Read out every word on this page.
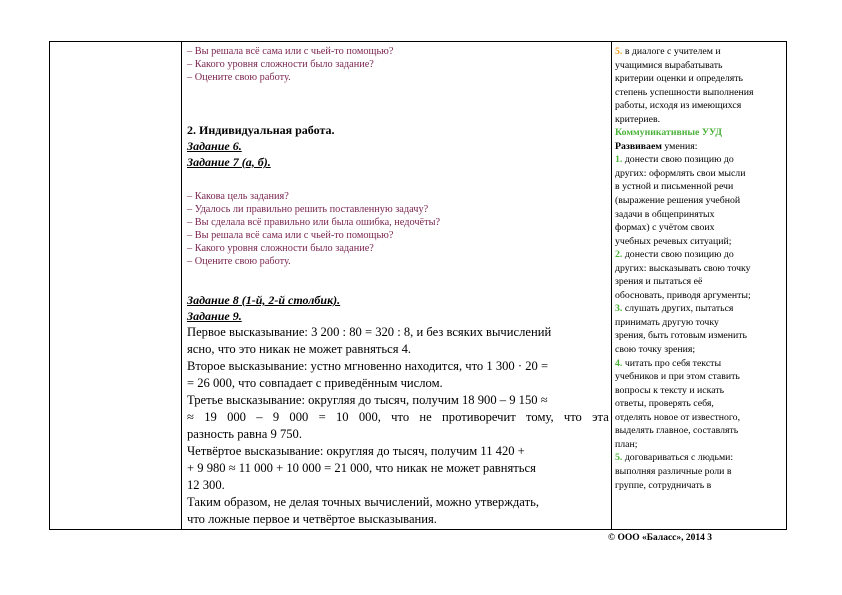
– Вы решала всё сама или с чьей-то помощью?
– Какого уровня сложности было задание?
– Оцените свою работу.
2. Индивидуальная работа.
Задание 6.
Задание 7 (а, б).
– Какова цель задания?
– Удалось ли правильно решить поставленную задачу?
– Вы сделала всё правильно или была ошибка, недочёты?
– Вы решала всё сама или с чьей-то помощью?
– Какого уровня сложности было задание?
– Оцените свою работу.
Задание 8 (1-й, 2-й столбик).
Задание 9.
Первое высказывание: 3 200 : 80 = 320 : 8, и без всяких вычислений
ясно, что это никак не может равняться 4.
Второе высказывание: устно мгновенно находится, что 1 300 · 20 =
= 26 000, что совпадает с приведённым числом.
Третье высказывание: округляя до тысяч, получим 18 900 – 9 150 ≈
≈ 19 000 – 9 000 = 10 000, что не противоречит тому, что эта
разность равна 9 750.
Четвёртое высказывание: округляя до тысяч, получим 11 420 +
+ 9 980 ≈ 11 000 + 10 000 = 21 000, что никак не может равняться
12 300.
Таким образом, не делая точных вычислений, можно утверждать,
что ложные первое и четвёртое высказывания.
5. в диалоге с учителем и
учащимися вырабатывать
критерии оценки и определять
степень успешности выполнения
работы, исходя из имеющихся
критериев.
Коммуникативные УУД
Развиваем умения:
1. донести свою позицию до
других: оформлять свои мысли
в устной и письменной речи
(выражение решения учебной
задачи в общепринятых
формах) с учётом своих
учебных речевых ситуаций;
2. донести свою позицию до
других: высказывать свою точку
зрения и пытаться её
обосновать, приводя аргументы;
3. слушать других, пытаться
принимать другую точку
зрения, быть готовым изменить
свою точку зрения;
4. читать про себя тексты
учебников и при этом ставить
вопросы к тексту и искать
ответы, проверять себя,
отделять новое от известного,
выделять главное, составлять
план;
5. договариваться с людьми:
выполняя различные роли в
группе, сотрудничать в
© ООО «Баласс», 2014 3
